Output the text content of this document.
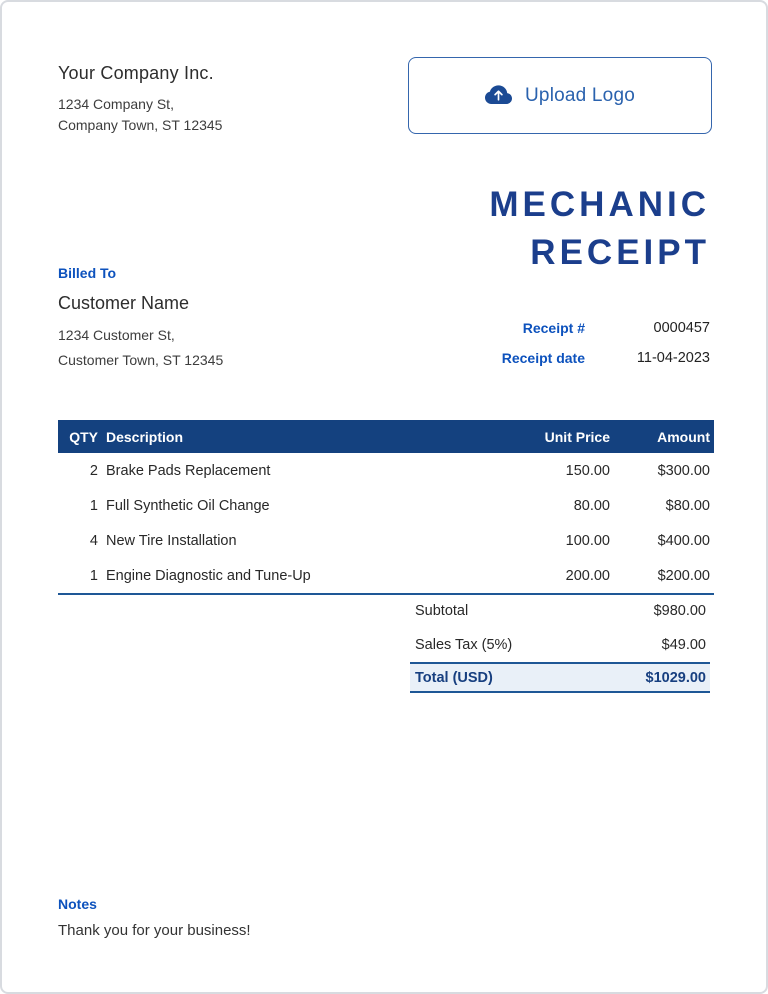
Your Company Inc.
1234 Company St,
Company Town, ST 12345
Upload Logo
MECHANIC
RECEIPT
Billed To
Customer Name
1234 Customer St,
Customer Town, ST 12345
Receipt #	0000457
Receipt date	11-04-2023
QTY Description	Unit Price	Amount
2 Brake Pads Replacement	150.00	$300.00
1 Full Synthetic Oil Change	80.00	$80.00
4 New Tire Installation	100.00	$400.00
1 Engine Diagnostic and Tune-Up	200.00	$200.00
Subtotal	$980.00
Sales Tax (5%)	$49.00
Total (USD)	$1029.00
Notes
Thank you for your business!
